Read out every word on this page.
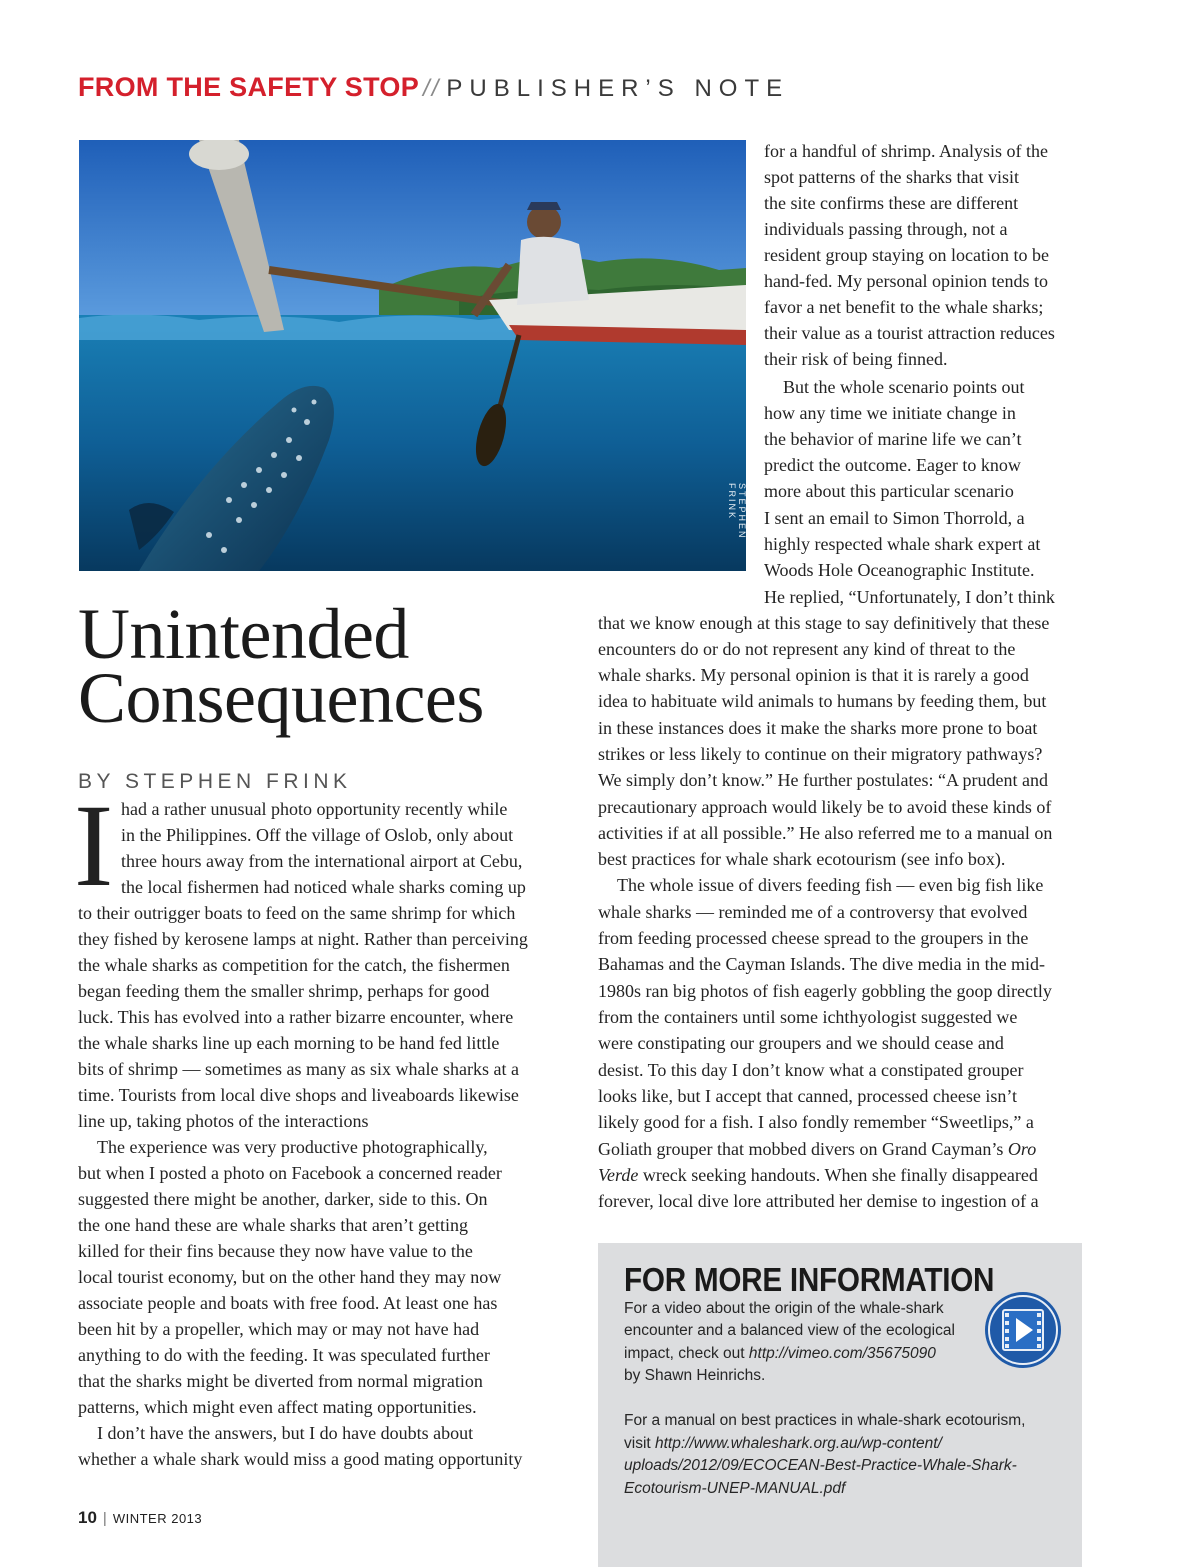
FROM THE SAFETY STOP // PUBLISHER’S NOTE
STEPHEN FRINK
Unintended
Consequences
BY STEPHEN FRINK
I had a rather unusual photo opportunity recently while
in the Philippines. Off the village of Oslob, only about
three hours away from the international airport at Cebu,
the local fishermen had noticed whale sharks coming up
to their outrigger boats to feed on the same shrimp for which
they fished by kerosene lamps at night. Rather than perceiving
the whale sharks as competition for the catch, the fishermen
began feeding them the smaller shrimp, perhaps for good
luck. This has evolved into a rather bizarre encounter, where
the whale sharks line up each morning to be hand fed little
bits of shrimp — sometimes as many as six whale sharks at a
time. Tourists from local dive shops and liveaboards likewise
line up, taking photos of the interactions
The experience was very productive photographically,
but when I posted a photo on Facebook a concerned reader
suggested there might be another, darker, side to this. On
the one hand these are whale sharks that aren’t getting
killed for their fins because they now have value to the
local tourist economy, but on the other hand they may now
associate people and boats with free food. At least one has
been hit by a propeller, which may or may not have had
anything to do with the feeding. It was speculated further
that the sharks might be diverted from normal migration
patterns, which might even affect mating opportunities.
I don’t have the answers, but I do have doubts about
whether a whale shark would miss a good mating opportunity
for a handful of shrimp. Analysis of the
spot patterns of the sharks that visit
the site confirms these are different
individuals passing through, not a
resident group staying on location to be
hand-fed. My personal opinion tends to
favor a net benefit to the whale sharks;
their value as a tourist attraction reduces
their risk of being finned.
But the whole scenario points out
how any time we initiate change in
the behavior of marine life we can’t
predict the outcome. Eager to know
more about this particular scenario
I sent an email to Simon Thorrold, a
highly respected whale shark expert at
Woods Hole Oceanographic Institute.
He replied, “Unfortunately, I don’t think
that we know enough at this stage to say definitively that these
encounters do or do not represent any kind of threat to the
whale sharks. My personal opinion is that it is rarely a good
idea to habituate wild animals to humans by feeding them, but
in these instances does it make the sharks more prone to boat
strikes or less likely to continue on their migratory pathways?
We simply don’t know.” He further postulates: “A prudent and
precautionary approach would likely be to avoid these kinds of
activities if at all possible.” He also referred me to a manual on
best practices for whale shark ecotourism (see info box).
The whole issue of divers feeding fish — even big fish like
whale sharks — reminded me of a controversy that evolved
from feeding processed cheese spread to the groupers in the
Bahamas and the Cayman Islands. The dive media in the mid-
1980s ran big photos of fish eagerly gobbling the goop directly
from the containers until some ichthyologist suggested we
were constipating our groupers and we should cease and
desist. To this day I don’t know what a constipated grouper
looks like, but I accept that canned, processed cheese isn’t
likely good for a fish. I also fondly remember “Sweetlips,” a
Goliath grouper that mobbed divers on Grand Cayman’s Oro
Verde wreck seeking handouts. When she finally disappeared
forever, local dive lore attributed her demise to ingestion of a
FOR MORE INFORMATION
For a video about the origin of the whale-shark
encounter and a balanced view of the ecological
impact, check out http://vimeo.com/35675090
by Shawn Heinrichs.
For a manual on best practices in whale-shark ecotourism,
visit http://www.whaleshark.org.au/wp-content/
uploads/2012/09/ECOCEAN-Best-Practice-Whale-Shark-
Ecotourism-UNEP-MANUAL.pdf
10 | WINTER 2013
